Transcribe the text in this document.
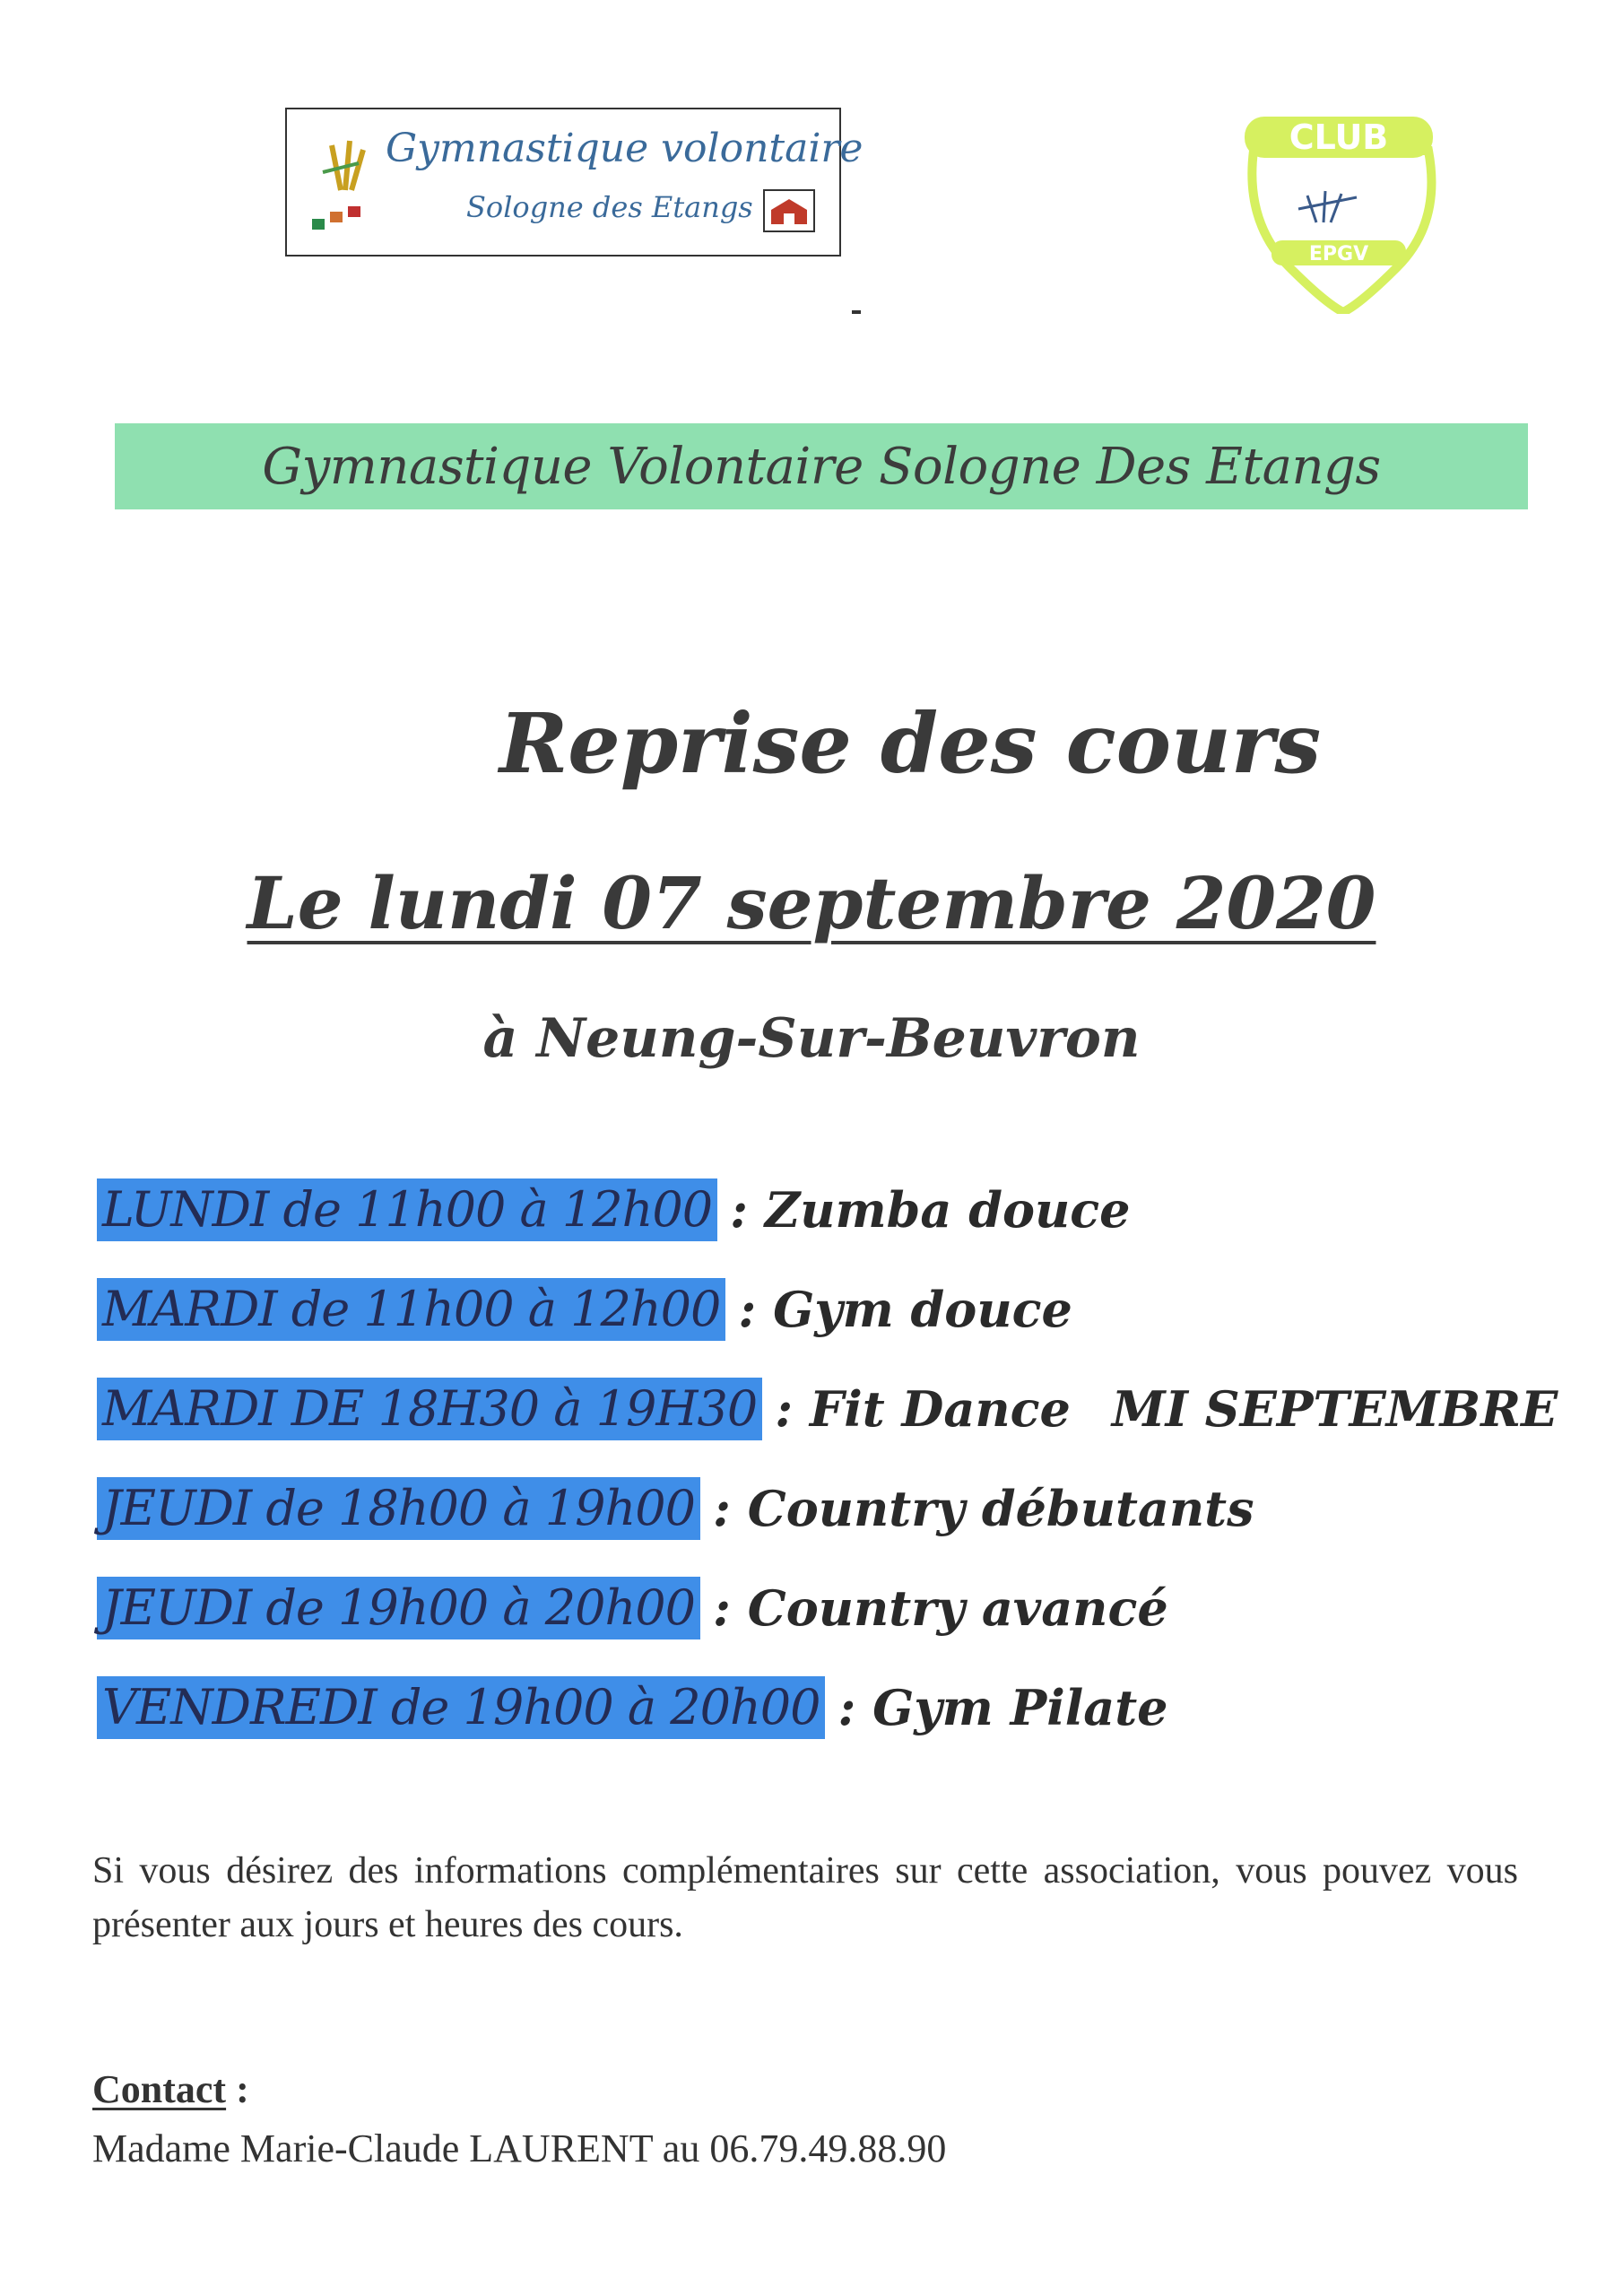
Gymnastique volontaire
Sologne des Etangs
CLUB
EPGV
Gymnastique Volontaire Sologne Des Etangs
Reprise des cours
Le lundi 07 septembre 2020
à Neung-Sur-Beuvron
LUNDI de 11h00 à 12h00 : Zumba douce
MARDI de 11h00 à 12h00 : Gym douce
MARDI DE 18H30 à 19H30 : Fit Dance MI SEPTEMBRE
JEUDI de 18h00 à 19h00 : Country débutants
JEUDI de 19h00 à 20h00 : Country avancé
VENDREDI de 19h00 à 20h00 : Gym Pilate
Si vous désirez des informations complémentaires sur cette association, vous pouvez vous présenter aux jours et heures des cours.
Contact :
Madame Marie-Claude LAURENT au 06.79.49.88.90
